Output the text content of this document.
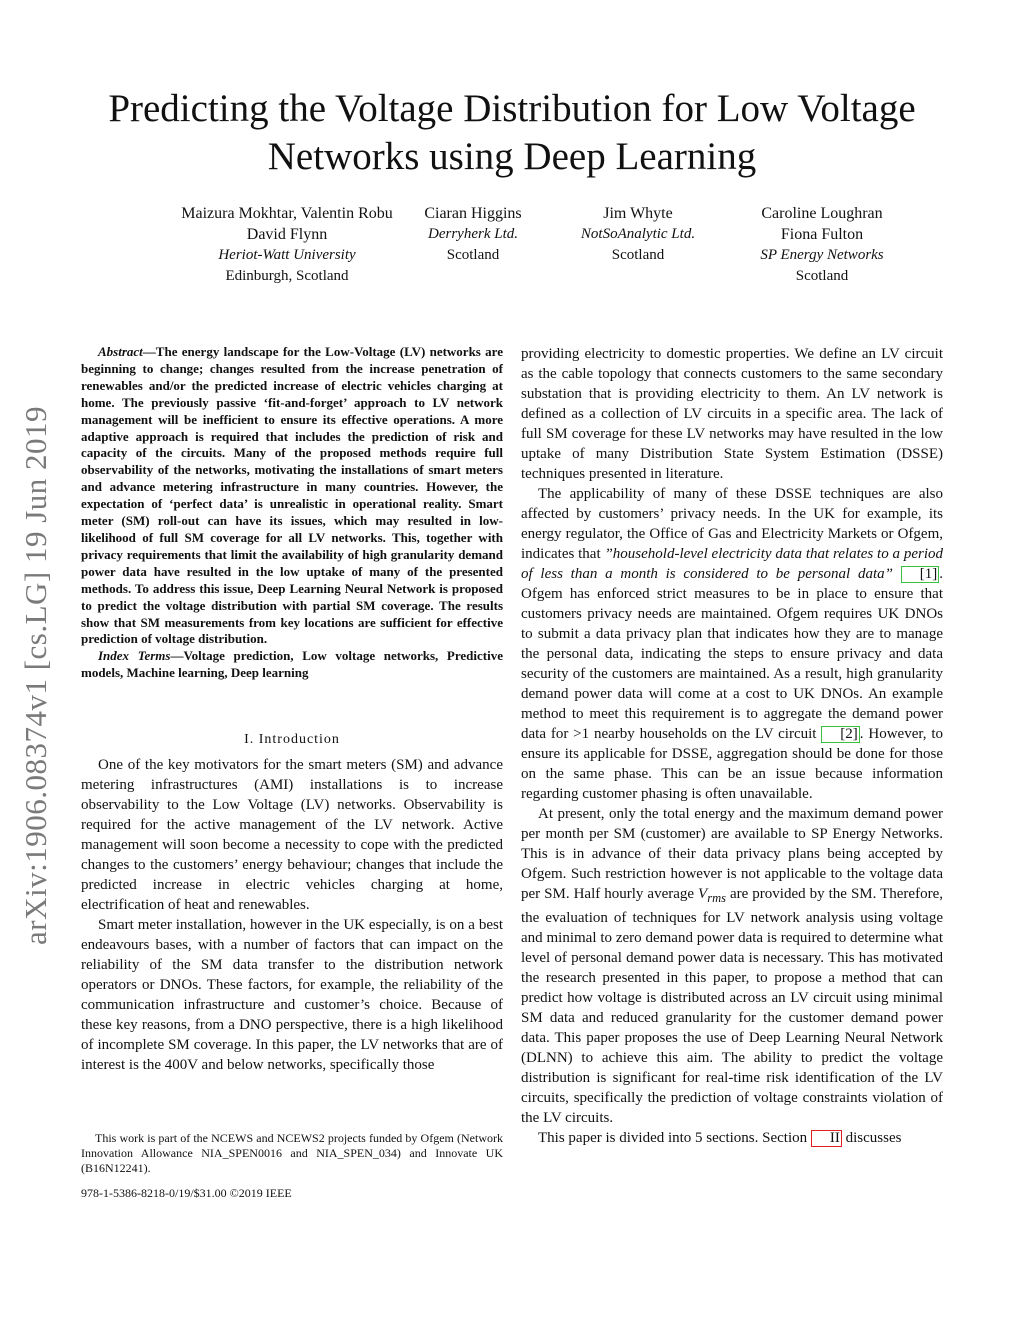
Predicting the Voltage Distribution for Low Voltage
Networks using Deep Learning
Maizura Mokhtar, Valentin Robu
David Flynn
Heriot-Watt University
Edinburgh, Scotland
Ciaran Higgins
Derryherk Ltd.
Scotland
Jim Whyte
NotSoAnalytic Ltd.
Scotland
Caroline Loughran
Fiona Fulton
SP Energy Networks
Scotland
arXiv:1906.08374v1 [cs.LG] 19 Jun 2019

Abstract—The energy landscape for the Low-Voltage (LV) networks are beginning to change; changes resulted from the increase penetration of renewables and/or the predicted increase of electric vehicles charging at home. The previously passive ‘fit-and-forget’ approach to LV network management will be inefficient to ensure its effective operations. A more adaptive approach is required that includes the prediction of risk and capacity of the circuits. Many of the proposed methods require full observability of the networks, motivating the installations of smart meters and advance metering infrastructure in many countries. However, the expectation of ‘perfect data’ is unrealistic in operational reality. Smart meter (SM) roll-out can have its issues, which may resulted in low-likelihood of full SM coverage for all LV networks. This, together with privacy requirements that limit the availability of high granularity demand power data have resulted in the low uptake of many of the presented methods. To address this issue, Deep Learning Neural Network is proposed to predict the voltage distribution with partial SM coverage. The results show that SM measurements from key locations are sufficient for effective prediction of voltage distribution.

Index Terms—Voltage prediction, Low voltage networks, Predictive models, Machine learning, Deep learning

I. Introduction

One of the key motivators for the smart meters (SM) and advance metering infrastructures (AMI) installations is to increase observability to the Low Voltage (LV) networks. Observability is required for the active management of the LV network. Active management will soon become a necessity to cope with the predicted changes to the customers’ energy behaviour; changes that include the predicted increase in electric vehicles charging at home, electrification of heat and renewables.

Smart meter installation, however in the UK especially, is on a best endeavours bases, with a number of factors that can impact on the reliability of the SM data transfer to the distribution network operators or DNOs. These factors, for example, the reliability of the communication infrastructure and customer’s choice. Because of these key reasons, from a DNO perspective, there is a high likelihood of incomplete SM coverage. In this paper, the LV networks that are of interest is the 400V and below networks, specifically those

This work is part of the NCEWS and NCEWS2 projects funded by Ofgem (Network Innovation Allowance NIA_SPEN0016 and NIA_SPEN_034) and Innovate UK (B16N12241).

978-1-5386-8218-0/19/$31.00 ©2019 IEEE

providing electricity to domestic properties. We define an LV circuit as the cable topology that connects customers to the same secondary substation that is providing electricity to them. An LV network is defined as a collection of LV circuits in a specific area. The lack of full SM coverage for these LV networks may have resulted in the low uptake of many Distribution State System Estimation (DSSE) techniques presented in literature.

The applicability of many of these DSSE techniques are also affected by customers’ privacy needs. In the UK for example, its energy regulator, the Office of Gas and Electricity Markets or Ofgem, indicates that ”household-level electricity data that relates to a period of less than a month is considered to be personal data” [1] . Ofgem has enforced strict measures to be in place to ensure that customers privacy needs are maintained. Ofgem requires UK DNOs to submit a data privacy plan that indicates how they are to manage the personal data, indicating the steps to ensure privacy and data security of the customers are maintained. As a result, high granularity demand power data will come at a cost to UK DNOs. An example method to meet this requirement is to aggregate the demand power data for >1 nearby households on the LV circuit [2] . However, to ensure its applicable for DSSE, aggregation should be done for those on the same phase. This can be an issue because information regarding customer phasing is often unavailable.

At present, only the total energy and the maximum demand power per month per SM (customer) are available to SP Energy Networks. This is in advance of their data privacy plans being accepted by Ofgem. Such restriction however is not applicable to the voltage data per SM. Half hourly average $V_{rms}$ are provided by the SM. Therefore, the evaluation of techniques for LV network analysis using voltage and minimal to zero demand power data is required to determine what level of personal demand power data is necessary. This has motivated the research presented in this paper, to propose a method that can predict how voltage is distributed across an LV circuit using minimal SM data and reduced granularity for the customer demand power data. This paper proposes the use of Deep Learning Neural Network (DLNN) to achieve this aim. The ability to predict the voltage distribution is significant for real-time risk identification of the LV circuits, specifically the prediction of voltage constraints violation of the LV circuits.

This paper is divided into 5 sections. Section II discusses
